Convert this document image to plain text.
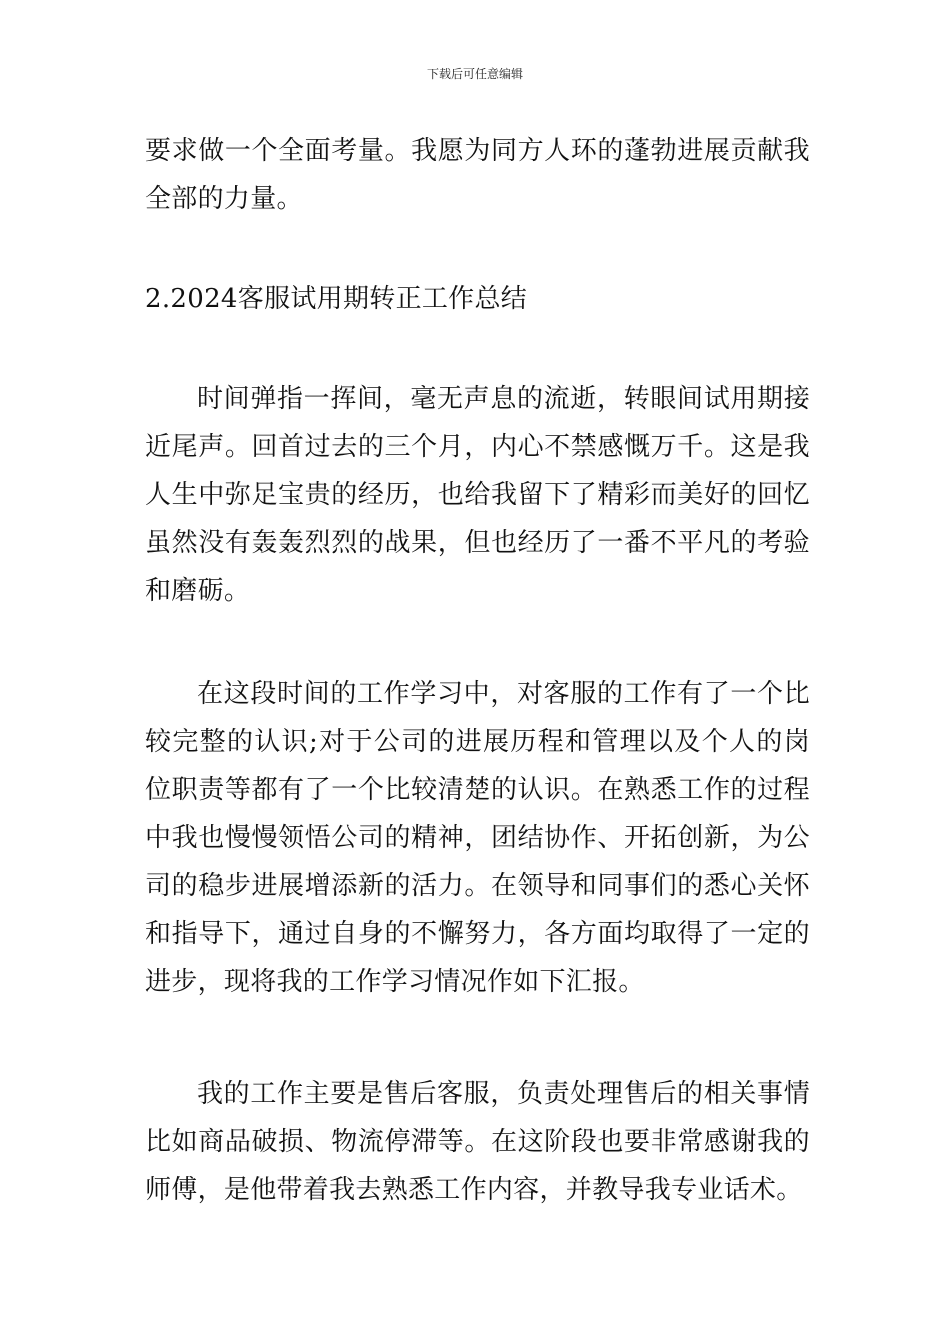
下载后可任意编辑

要求做一个全面考量。我愿为同方人环的蓬勃进展贡献我全部的力量。

2.2024客服试用期转正工作总结

时间弹指一挥间，毫无声息的流逝，转眼间试用期接近尾声。回首过去的三个月，内心不禁感慨万千。这是我人生中弥足宝贵的经历，也给我留下了精彩而美好的回忆虽然没有轰轰烈烈的战果，但也经历了一番不平凡的考验和磨砺。

在这段时间的工作学习中，对客服的工作有了一个比较完整的认识;对于公司的进展历程和管理以及个人的岗位职责等都有了一个比较清楚的认识。在熟悉工作的过程中我也慢慢领悟公司的精神，团结协作、开拓创新，为公司的稳步进展增添新的活力。在领导和同事们的悉心关怀和指导下，通过自身的不懈努力，各方面均取得了一定的进步，现将我的工作学习情况作如下汇报。

我的工作主要是售后客服，负责处理售后的相关事情比如商品破损、物流停滞等。在这阶段也要非常感谢我的师傅，是他带着我去熟悉工作内容，并教导我专业话术。
